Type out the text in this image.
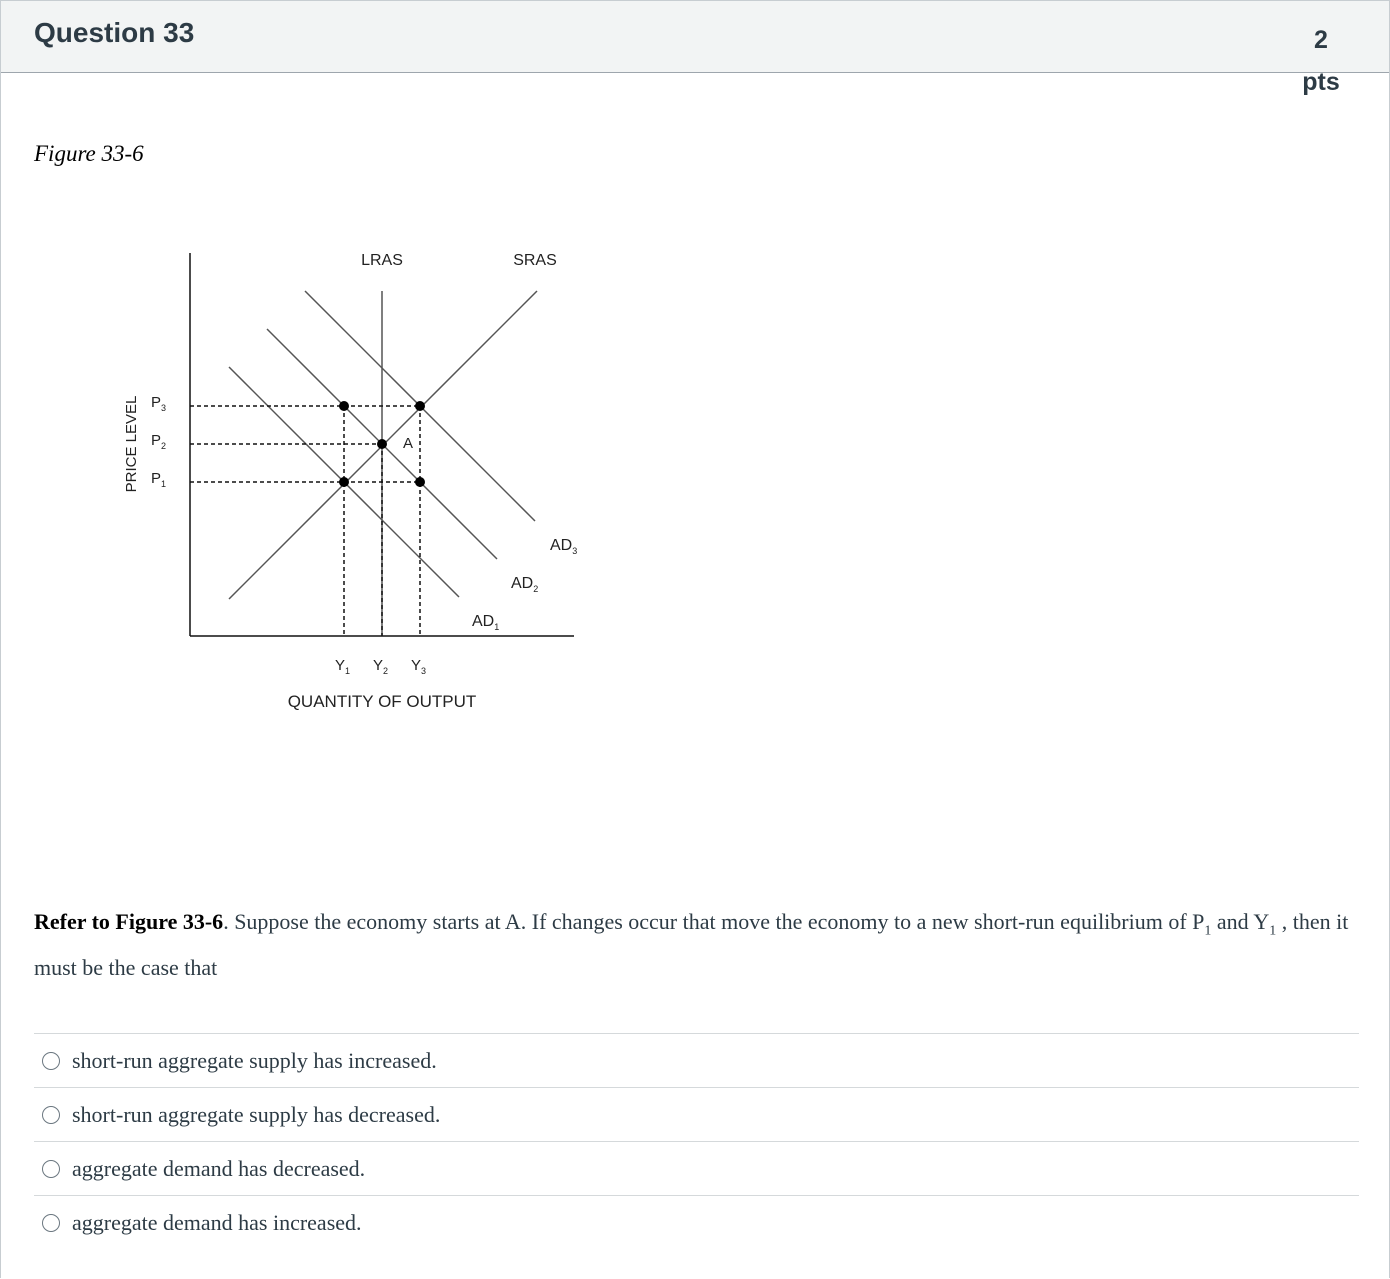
Question 33	2 pts
Figure 33-6
PRICE LEVEL
QUANTITY OF OUTPUT
LRAS	SRAS
$AD_1$
$AD_2$
$AD_3$
A
$P_3$
$P_2$
$P_1$
$Y_1$ $Y_2$ $Y_3$
Refer to Figure 33-6. Suppose the economy starts at A. If changes occur that move the economy to a new short-run equilibrium of $P_1$ and $Y_1$ , then it must be the case that
short-run aggregate supply has increased.
short-run aggregate supply has decreased.
aggregate demand has decreased.
aggregate demand has increased.
